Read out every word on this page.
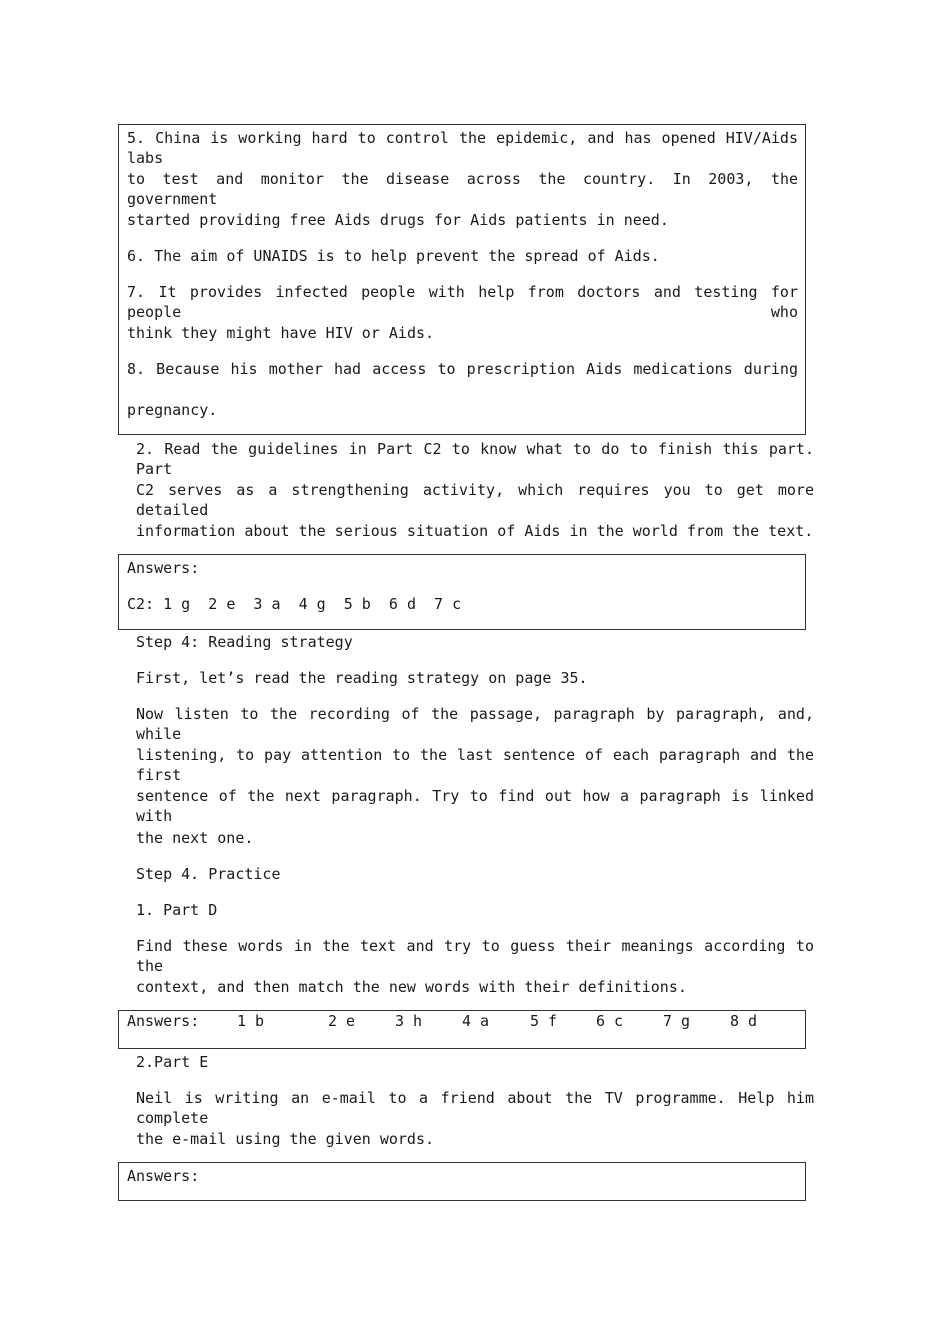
5. China is working hard to control the epidemic, and has opened HIV/Aids labs

to test and monitor the disease across the country. In 2003, the government

started providing free Aids drugs for Aids patients in need.

6. The aim of UNAIDS is to help prevent the spread of Aids.

7. It provides infected people with help from doctors and testing for people who

think they might have HIV or Aids.

8. Because his mother had access to prescription Aids medications during

pregnancy.

2. Read the guidelines in Part C2 to know what to do to finish this part. Part

C2 serves as a strengthening activity, which requires you to get more detailed

information about the serious situation of Aids in the world from the text.

Answers:

C2: 1 g  2 e  3 a  4 g  5 b  6 d  7 c

Step 4: Reading strategy

First, let’s read the reading strategy on page 35.

Now listen to the recording of the passage, paragraph by paragraph, and, while

listening, to pay attention to the last sentence of each paragraph and the first

sentence of the next paragraph. Try to find out how a paragraph is linked with

the next one.

Step 4. Practice

1. Part D

Find these words in the text and try to guess their meanings according to the

context, and then match the new words with their definitions.

Answers:	1 b	2 e	3 h	4 a	5 f	6 c	7 g	8 d

2.Part E

Neil is writing an e-mail to a friend about the TV programme. Help him complete

the e-mail using the given words.

Answers:
